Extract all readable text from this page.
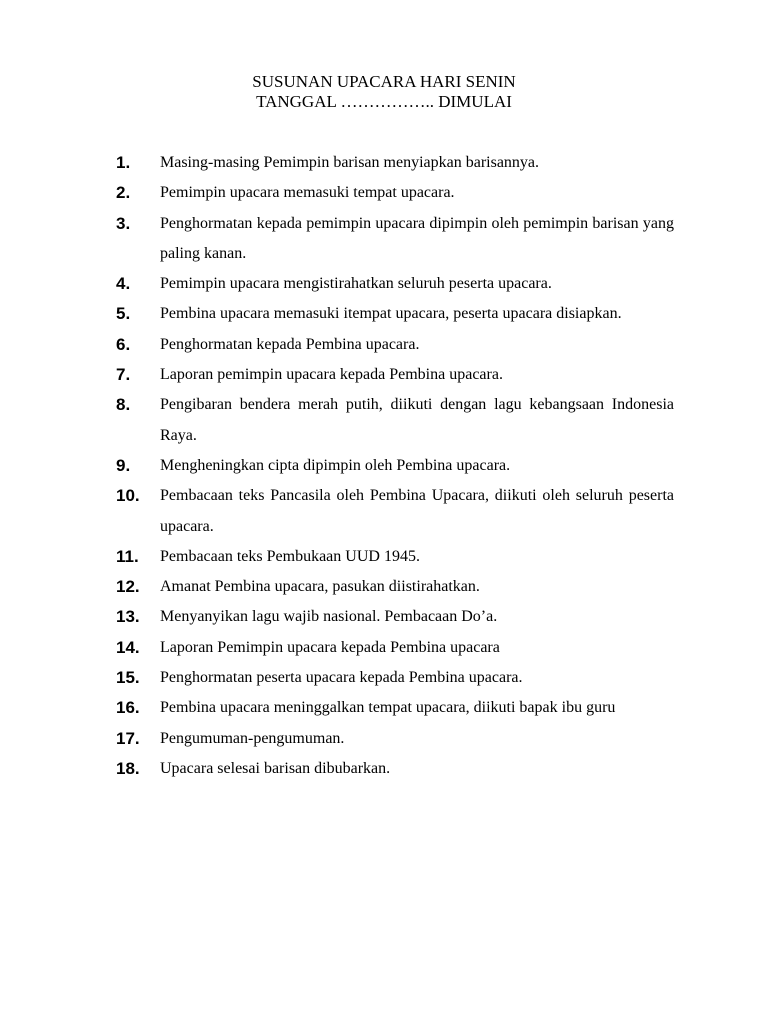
SUSUNAN UPACARA HARI SENIN
TANGGAL …………….. DIMULAI
1. Masing-masing Pemimpin barisan menyiapkan barisannya.
2. Pemimpin upacara memasuki tempat upacara.
3. Penghormatan kepada pemimpin upacara dipimpin oleh pemimpin barisan yang paling kanan.
4. Pemimpin upacara mengistirahatkan seluruh peserta upacara.
5. Pembina upacara memasuki itempat upacara, peserta upacara disiapkan.
6. Penghormatan kepada Pembina upacara.
7. Laporan pemimpin upacara kepada Pembina upacara.
8. Pengibaran bendera merah putih, diikuti dengan lagu kebangsaan Indonesia Raya.
9. Mengheningkan cipta dipimpin oleh Pembina upacara.
10. Pembacaan teks Pancasila oleh Pembina Upacara, diikuti oleh seluruh peserta upacara.
11. Pembacaan teks Pembukaan UUD 1945.
12. Amanat Pembina upacara, pasukan diistirahatkan.
13. Menyanyikan lagu wajib nasional. Pembacaan Do’a.
14. Laporan Pemimpin upacara kepada Pembina upacara
15. Penghormatan peserta upacara kepada Pembina upacara.
16. Pembina upacara meninggalkan tempat upacara, diikuti bapak ibu guru
17. Pengumuman-pengumuman.
18. Upacara selesai barisan dibubarkan.
